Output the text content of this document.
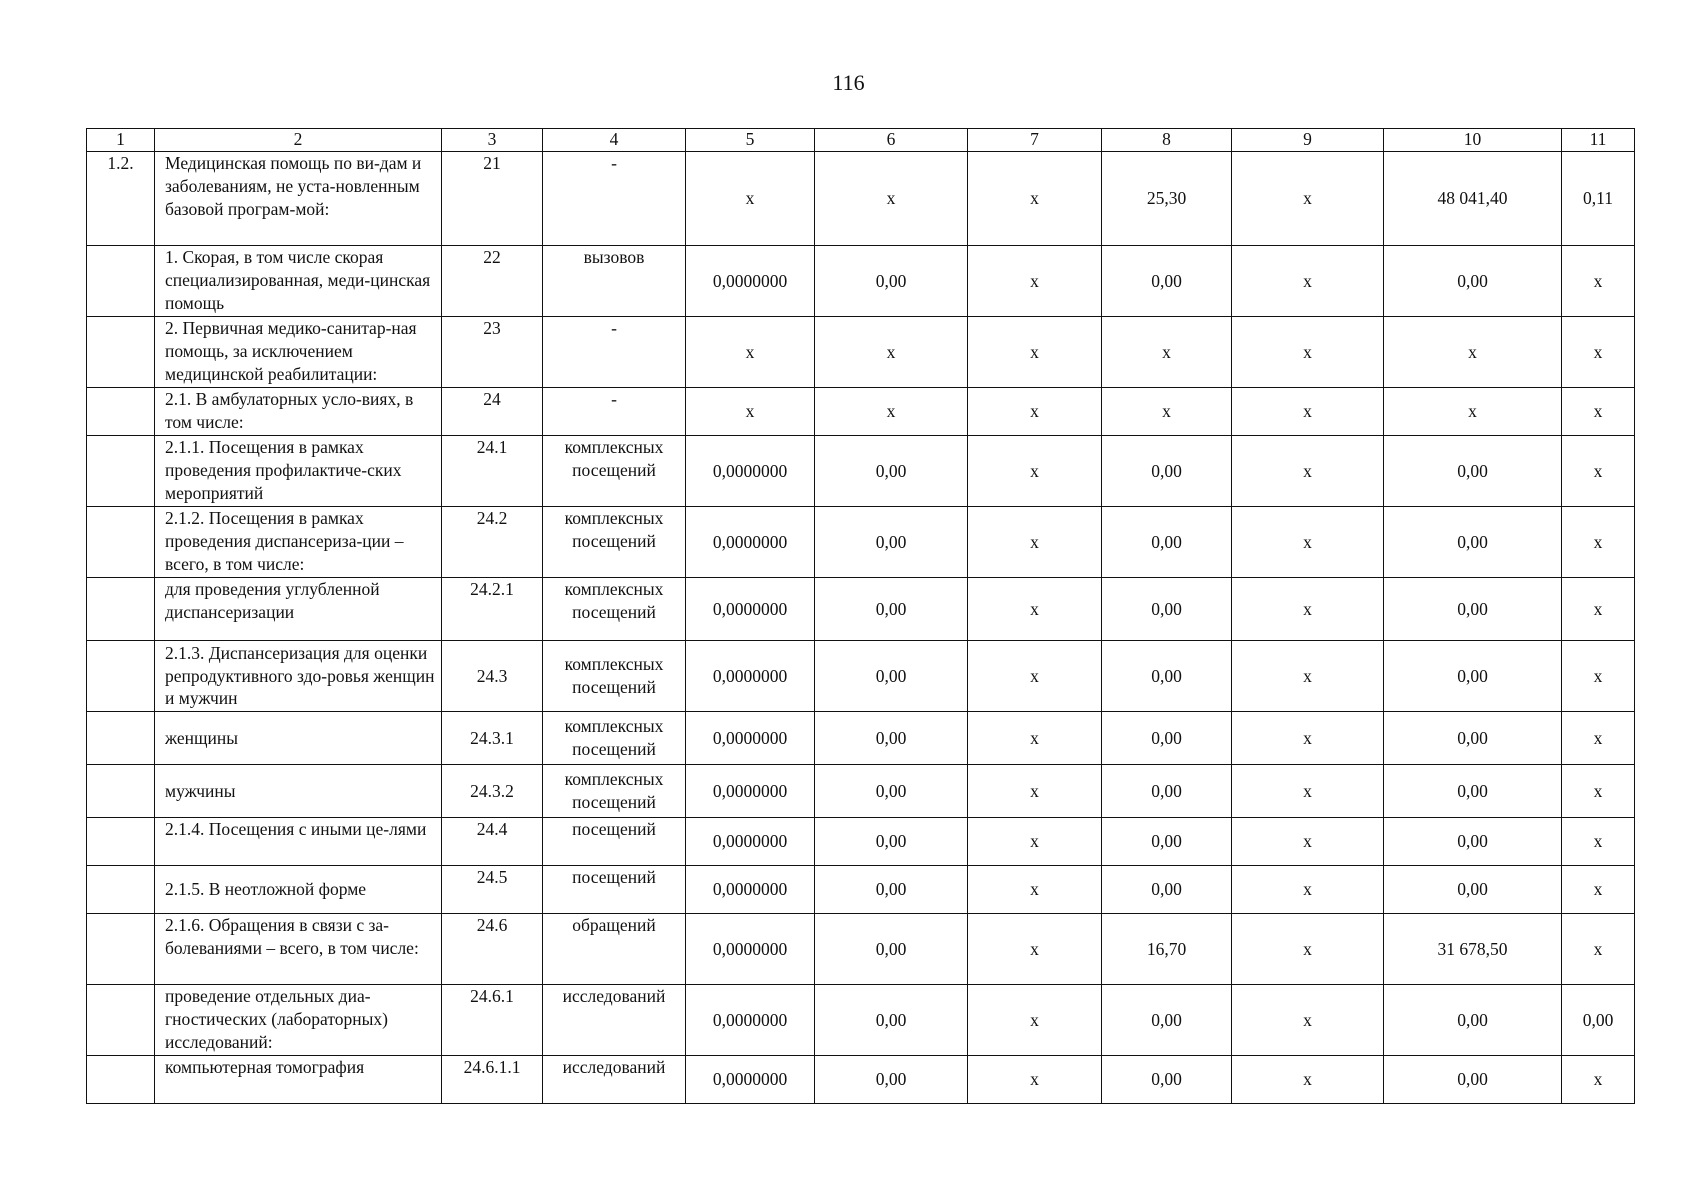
116
1	2	3	4	5	6	7	8	9	10	11
1.2.	Медицинская помощь по ви-дам и заболеваниям, не уста-новленным базовой програм-мой:	21	-	х	х	х	25,30	х	48 041,40	0,11
	1. Скорая, в том числе скорая специализированная, меди-цинская помощь	22	вызовов	0,0000000	0,00	х	0,00	х	0,00	х
	2. Первичная медико-санитар-ная помощь, за исключением медицинской реабилитации:	23	-	х	х	х	х	х	х	х
	2.1. В амбулаторных усло-виях, в том числе:	24	-	х	х	х	х	х	х	х
	2.1.1. Посещения в рамках проведения профилактиче-ских мероприятий	24.1	комплексных посещений	0,0000000	0,00	х	0,00	х	0,00	х
	2.1.2. Посещения в рамках проведения диспансериза-ции – всего, в том числе:	24.2	комплексных посещений	0,0000000	0,00	х	0,00	х	0,00	х
	для проведения углубленной диспансеризации	24.2.1	комплексных посещений	0,0000000	0,00	х	0,00	х	0,00	х
	2.1.3. Диспансеризация для оценки репродуктивного здо-ровья женщин и мужчин	24.3	комплексных посещений	0,0000000	0,00	х	0,00	х	0,00	х
	женщины	24.3.1	комплексных посещений	0,0000000	0,00	х	0,00	х	0,00	х
	мужчины	24.3.2	комплексных посещений	0,0000000	0,00	х	0,00	х	0,00	х
	2.1.4. Посещения с иными це-лями	24.4	посещений	0,0000000	0,00	х	0,00	х	0,00	х
	2.1.5. В неотложной форме	24.5	посещений	0,0000000	0,00	х	0,00	х	0,00	х
	2.1.6. Обращения в связи с за-болеваниями – всего, в том числе:	24.6	обращений	0,0000000	0,00	х	16,70	х	31 678,50	х
	проведение отдельных диа-гностических (лабораторных) исследований:	24.6.1	исследований	0,0000000	0,00	х	0,00	х	0,00	0,00
	компьютерная томография	24.6.1.1	исследований	0,0000000	0,00	х	0,00	х	0,00	х
